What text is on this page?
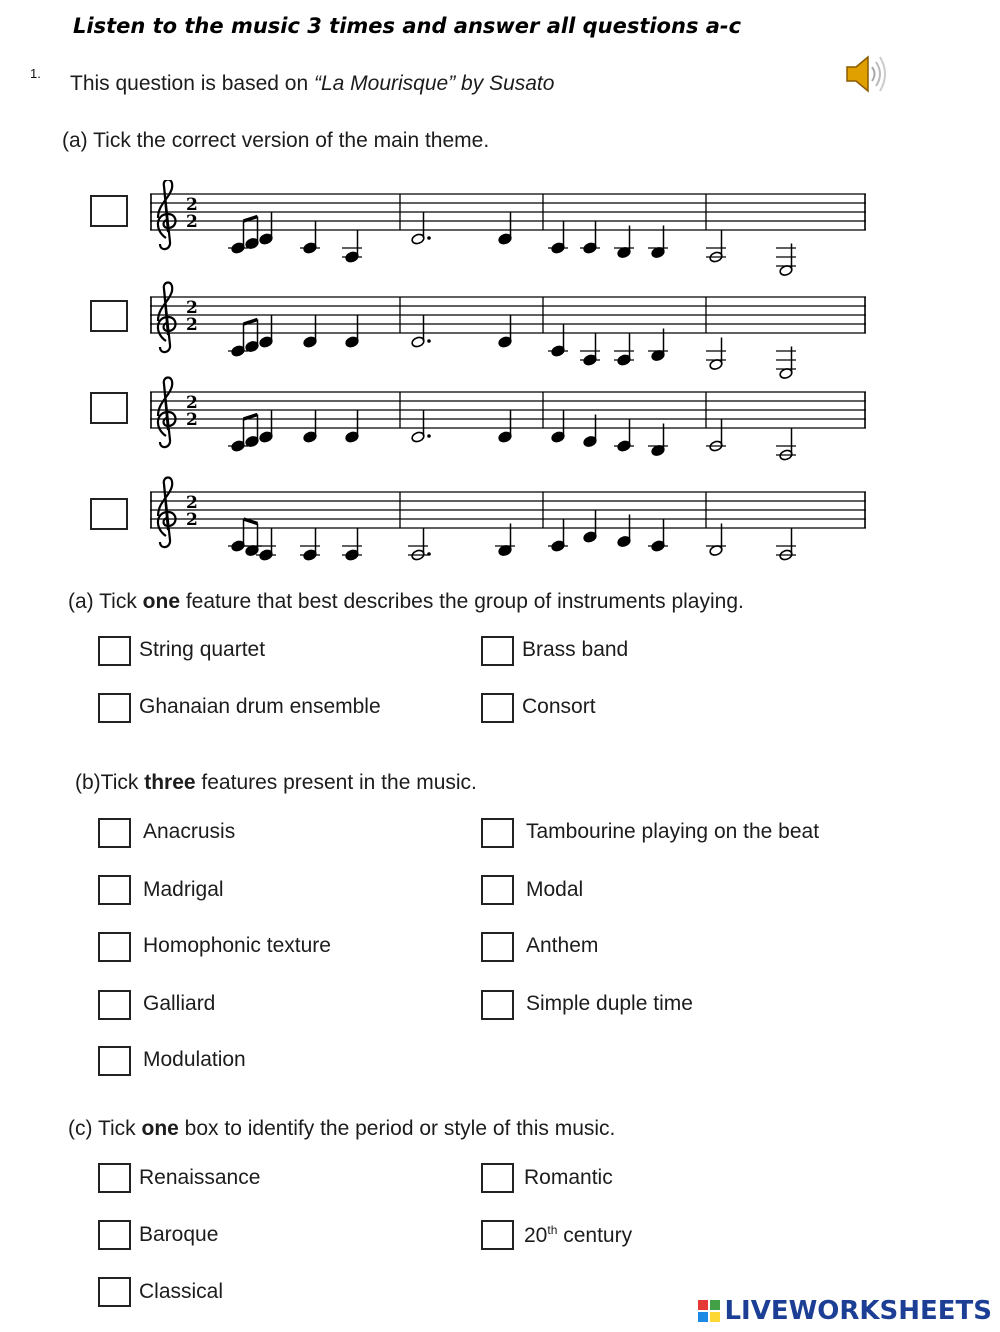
Listen to the music 3 times and answer all questions a-c
1. This question is based on “La Mourisque” by Susato
(a) Tick the correct version of the main theme.
2
2
2
2
2
2
2
2
(a) Tick one feature that best describes the group of instruments playing.
String quartet	Brass band
Ghanaian drum ensemble	Consort
(b)Tick three features present in the music.
Anacrusis	Tambourine playing on the beat
Madrigal	Modal
Homophonic texture	Anthem
Galliard	Simple duple time
Modulation
(c) Tick one box to identify the period or style of this music.
Renaissance	Romantic
Baroque	20th century
Classical
LIVEWORKSHEETS
